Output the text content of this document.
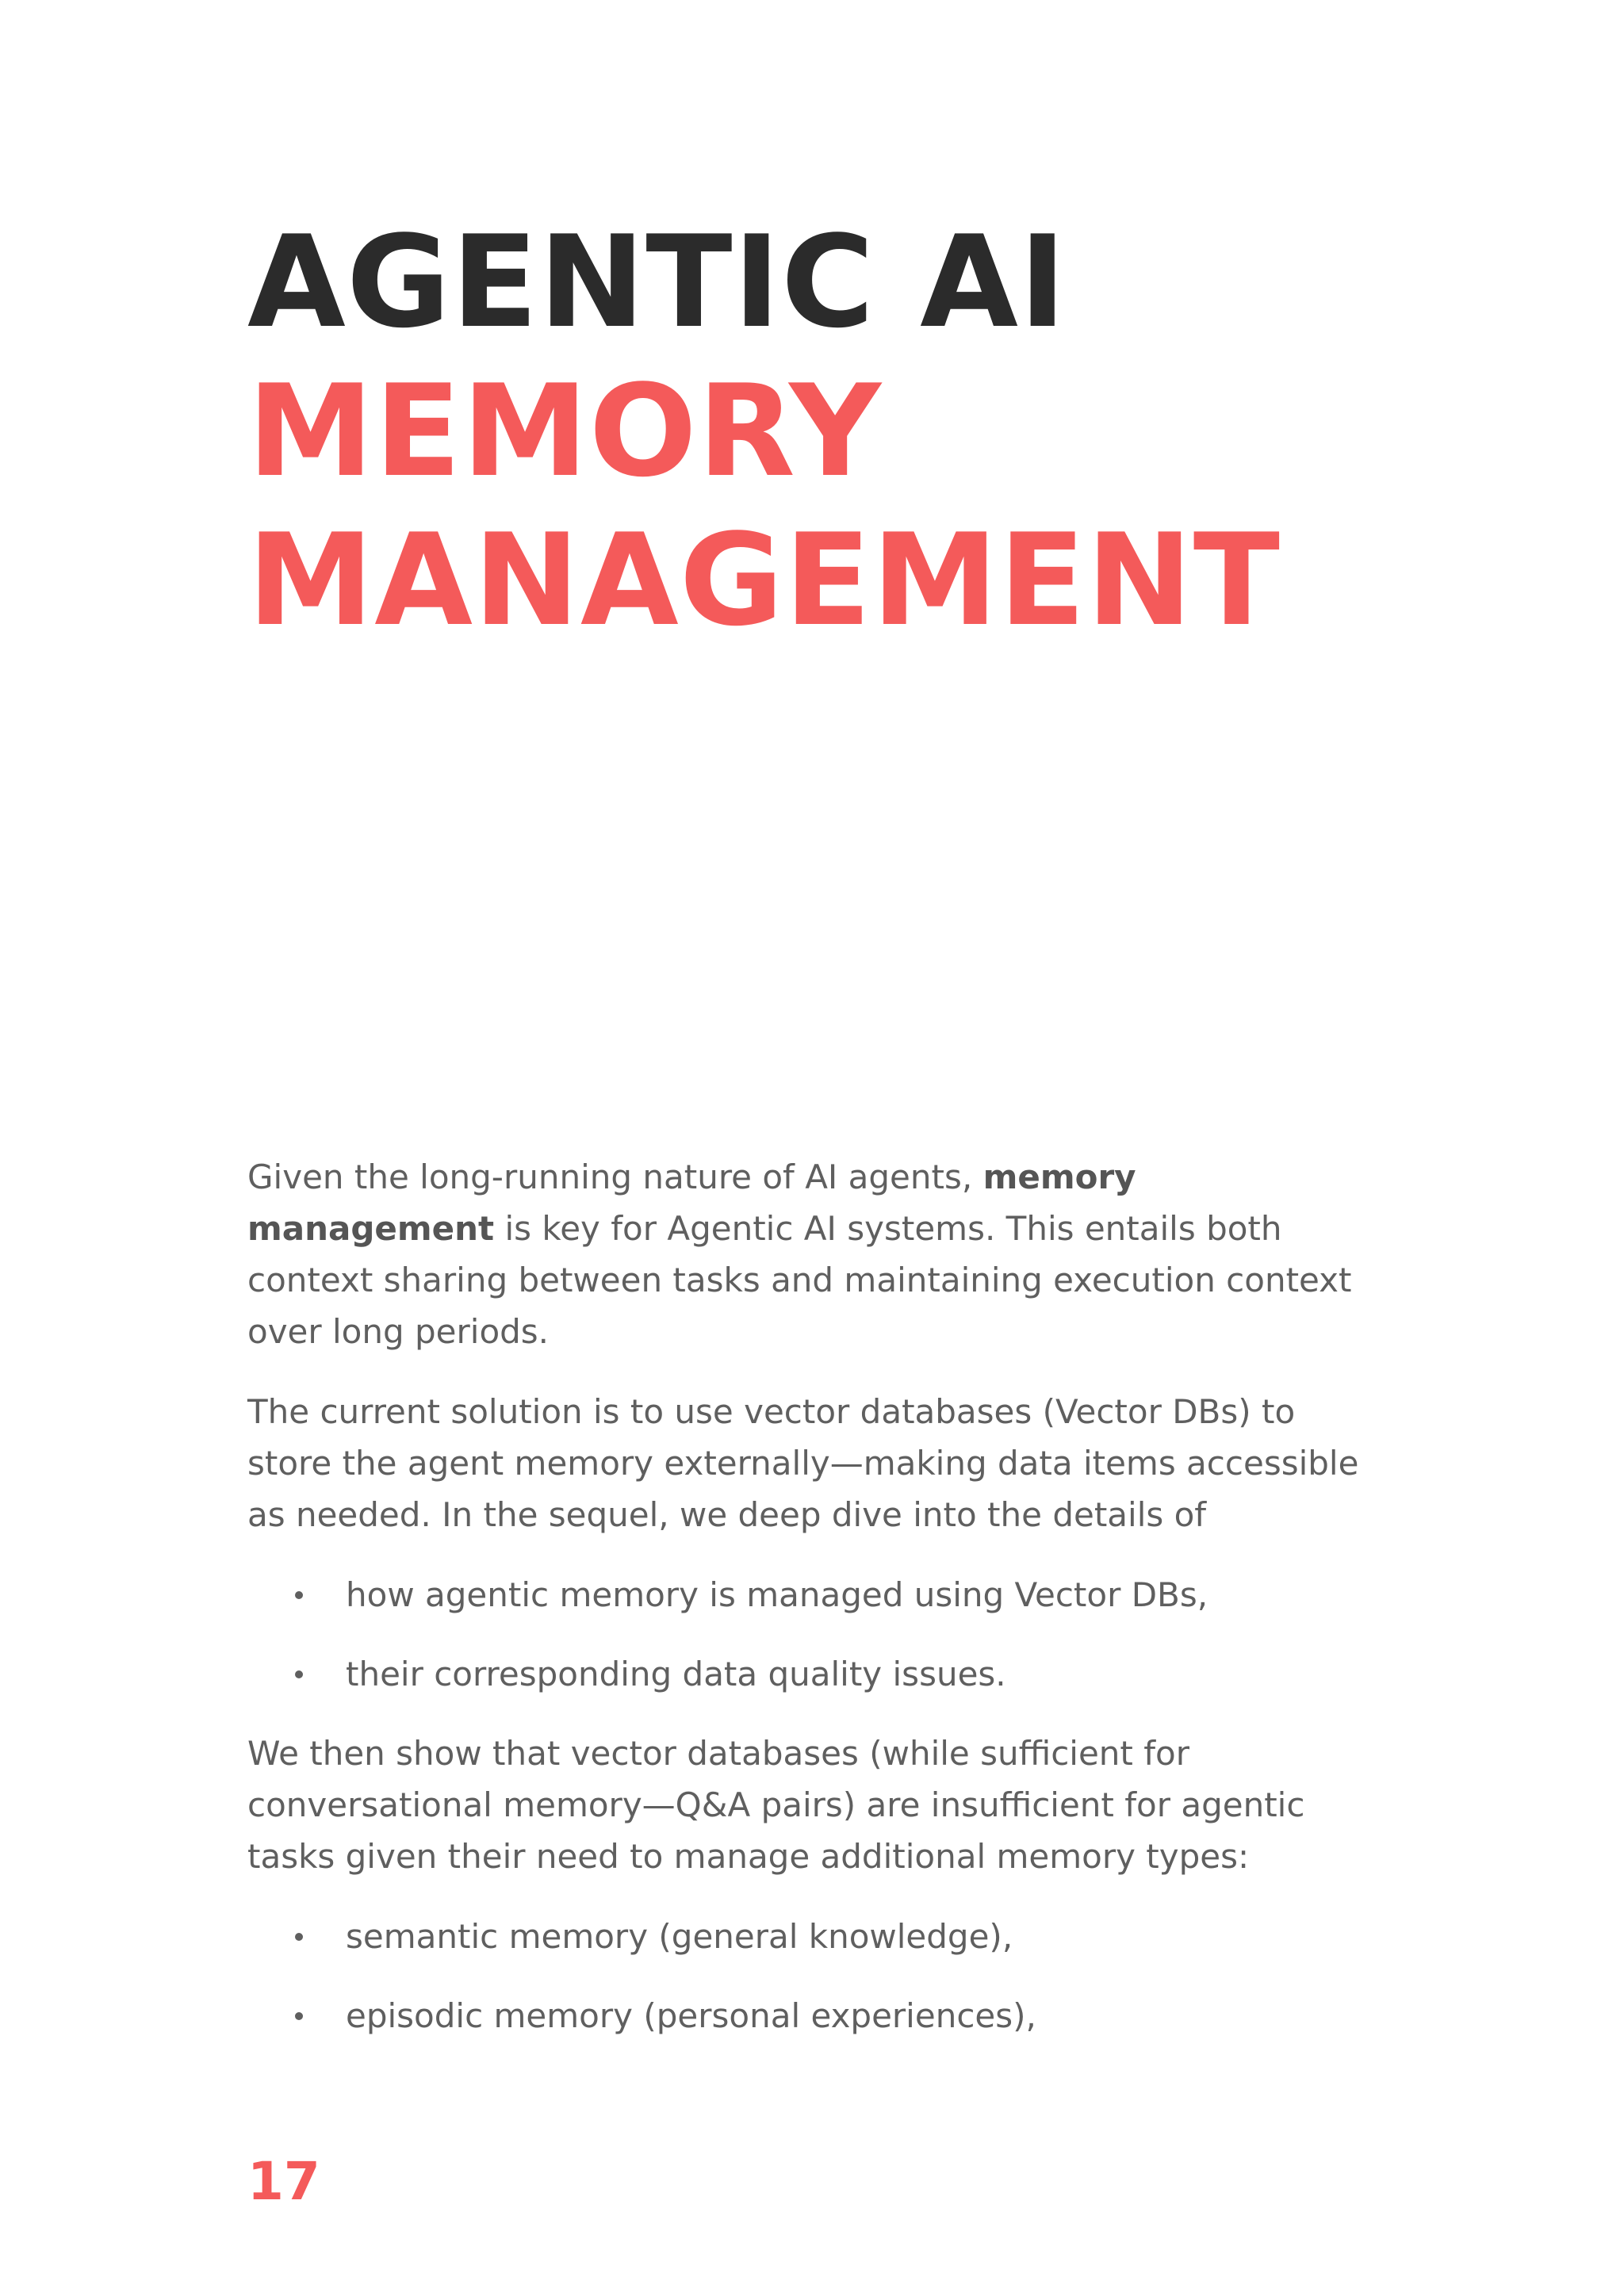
AGENTIC AI
MEMORY
MANAGEMENT

Given the long-running nature of AI agents, memory management is key for Agentic AI systems. This entails both context sharing between tasks and maintaining execution context over long periods.

The current solution is to use vector databases (Vector DBs) to store the agent memory externally—making data items accessible as needed. In the sequel, we deep dive into the details of

how agentic memory is managed using Vector DBs,
their corresponding data quality issues.

We then show that vector databases (while sufficient for conversational memory—Q&A pairs) are insufficient for agentic tasks given their need to manage additional memory types:

semantic memory (general knowledge),
episodic memory (personal experiences),
17
